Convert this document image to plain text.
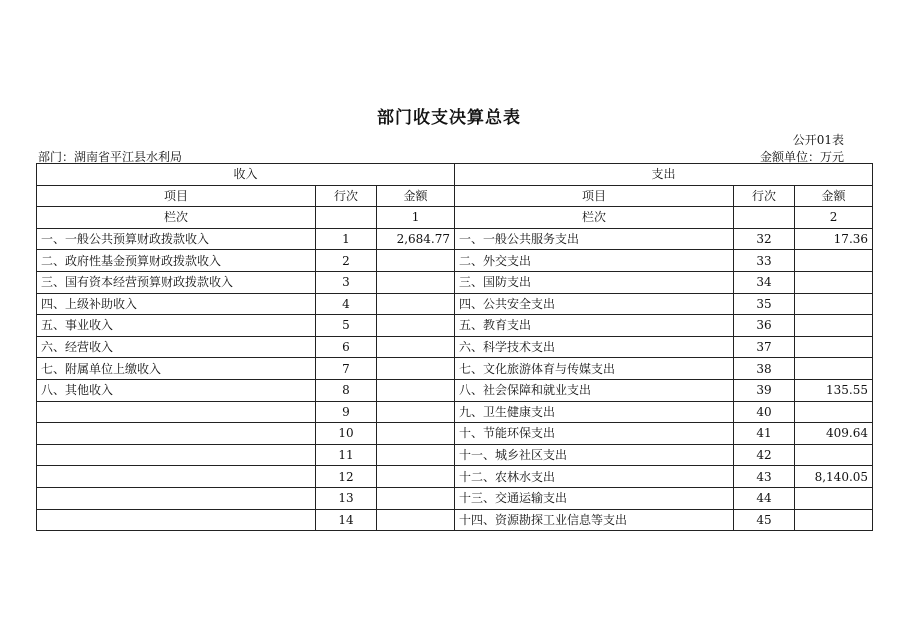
部门收支决算总表
公开01表
部门：湖南省平江县水利局	金额单位：万元
收入			支出		
项目	行次	金额	项目	行次	金额
栏次		1	栏次		2
一、一般公共预算财政拨款收入	1	2,684.77	一、一般公共服务支出	32	17.36
二、政府性基金预算财政拨款收入	2		二、外交支出	33	
三、国有资本经营预算财政拨款收入	3		三、国防支出	34	
四、上级补助收入	4		四、公共安全支出	35	
五、事业收入	5		五、教育支出	36	
六、经营收入	6		六、科学技术支出	37	
七、附属单位上缴收入	7		七、文化旅游体育与传媒支出	38	
八、其他收入	8		八、社会保障和就业支出	39	135.55
	9		九、卫生健康支出	40	
	10		十、节能环保支出	41	409.64
	11		十一、城乡社区支出	42	
	12		十二、农林水支出	43	8,140.05
	13		十三、交通运输支出	44	
	14		十四、资源勘探工业信息等支出	45	
